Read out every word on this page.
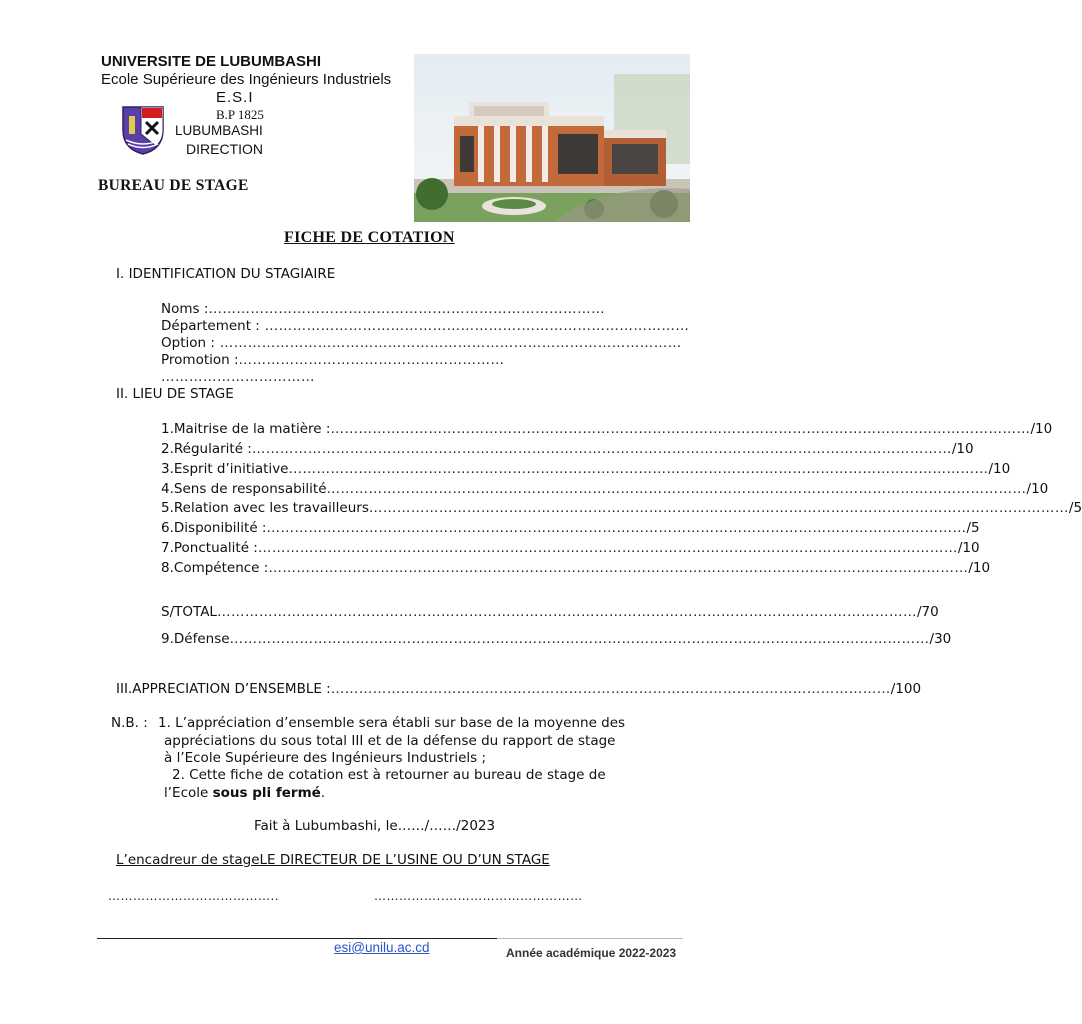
UNIVERSITE DE LUBUMBASHI
Ecole Supérieure des Ingénieurs Industriels
E.S.I
B.P 1825
LUBUMBASHI
DIRECTION
BUREAU DE STAGE
FICHE DE COTATION
I. IDENTIFICATION DU STAGIAIRE
Noms :………………………………………….………………………………
Département : ……………………………………………….………………………………
Option : ………………………………………………………………………………………
Promotion :…………………………………………………
……………………………
II. LIEU DE STAGE
1. Maitrise de la matière : …………………………………………………………………………………………………………………………………… /10
2. Régularité : …………………………………………………………………………………………………………………………………… /10
3. Esprit d’initiative …………………………………………………………………………………………………………………………………… /10
4. Sens de responsabilité …………………………………………………………………………………………………………………………………… /10
5. Relation avec les travailleurs …………………………………………………………………………………………………………………………………… /5
6. Disponibilité : …………………………………………………………………………………………………………………………………… /5
7. Ponctualité : …………………………………………………………………………………………………………………………………… /10
8. Compétence : …………………………………………………………………………………………………………………………………… /10
S/TOTAL …………………………………………………………………………………………………………………………………… /70
9. Défense …………………………………………………………………………………………………………………………………… /30
III. APPRECIATION D’ENSEMBLE : ………………………………………………………………………………………………………… /100
N.B. : 1. L’appréciation d’ensemble sera établi sur base de la moyenne des
appréciations du sous total III et de la défense du rapport de stage
à l’Ecole Supérieure des Ingénieurs Industriels ;
2. Cette fiche de cotation est à retourner au bureau de stage de
l’Ecole sous pli fermé.
Fait à Lubumbashi, le……/……/2023
L’encadreur de stageLE DIRECTEUR DE L’USINE OU D’UN STAGE
…………………………………..	……………..……………………………
esi@unilu.ac.cd	Année académique 2022-2023
